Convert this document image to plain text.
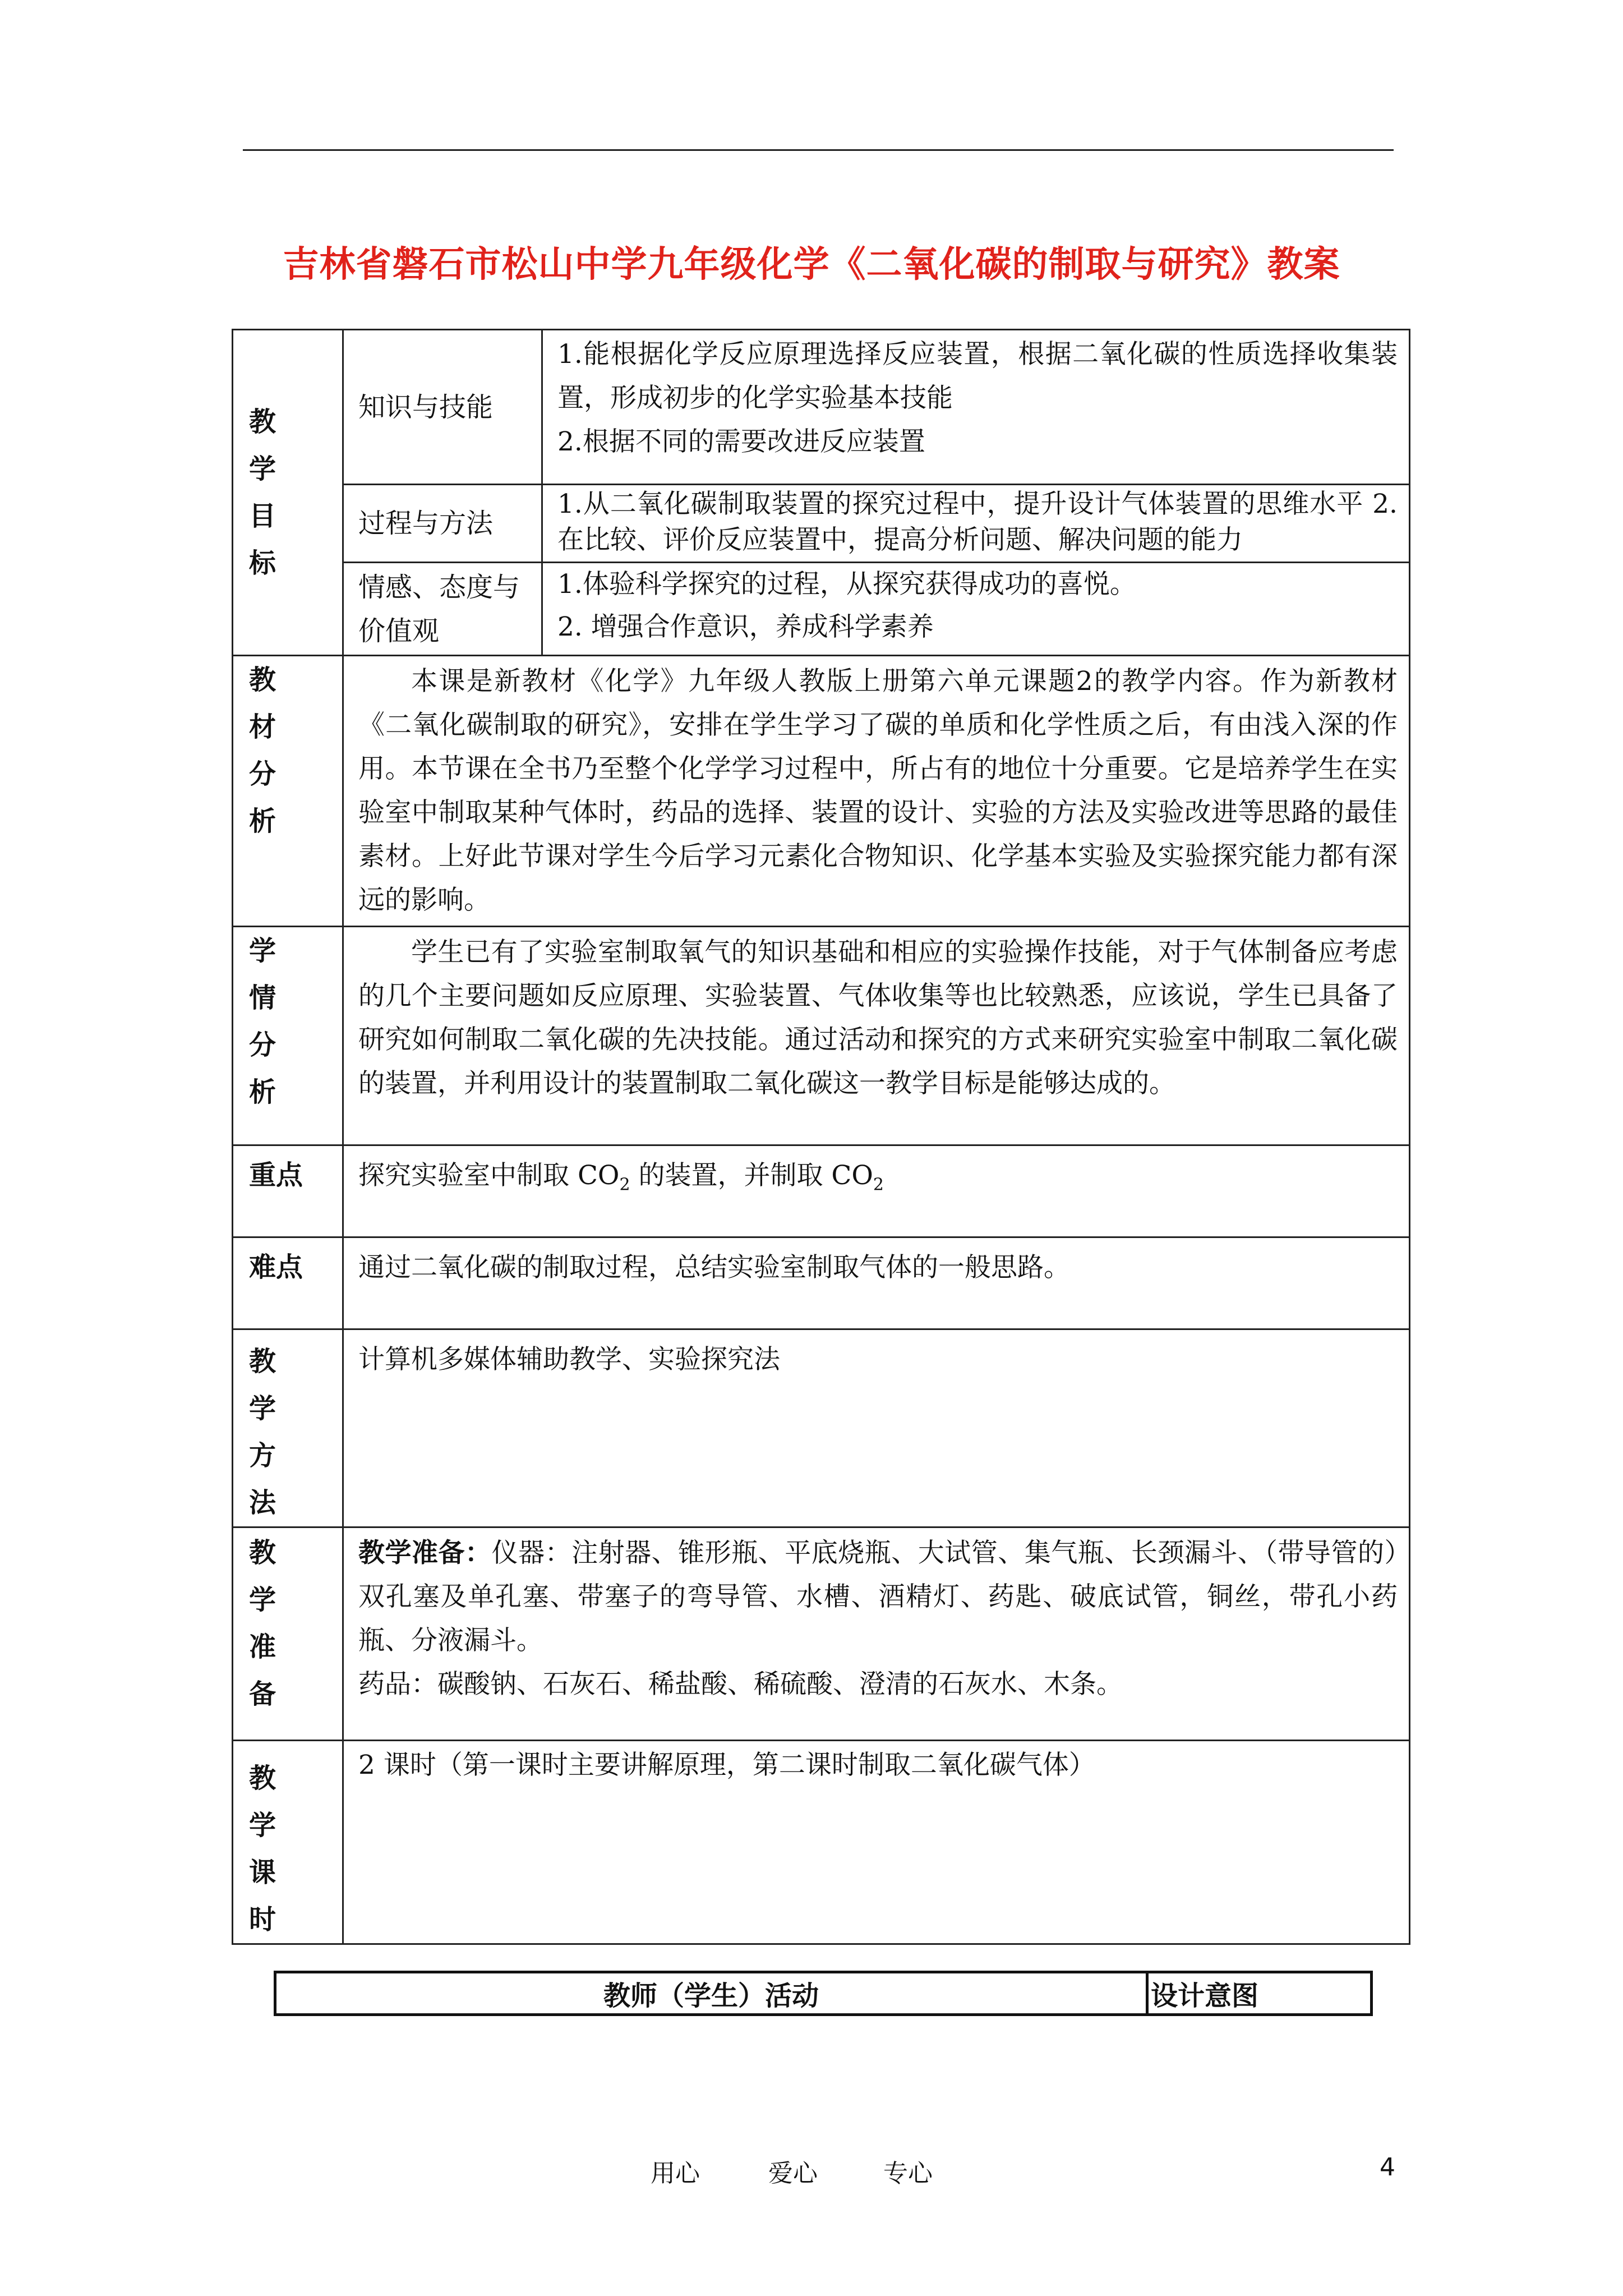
吉林省磐石市松山中学九年级化学《二氧化碳的制取与研究》教案
教学目标	知识与技能	1.能根据化学反应原理选择反应装置，根据二氧化碳的性质选择收集装置，形成初步的化学实验基本技能

2.根据不同的需要改进反应装置

	过程与方法	1.从二氧化碳制取装置的探究过程中，提升设计气体装置的思维水平 2.在比较、评价反应装置中，提高分析问题、解决问题的能力

	情感、态度与价值观	1.体验科学探究的过程，从探究获得成功的喜悦。

2. 增强合作意识，养成科学素养

教材分析	本课是新教材《化学》九年级人教版上册第六单元课题2的教学内容。作为新教材《二氧化碳制取的研究》，安排在学生学习了碳的单质和化学性质之后，有由浅入深的作用。本节课在全书乃至整个化学学习过程中，所占有的地位十分重要。它是培养学生在实验室中制取某种气体时，药品的选择、装置的设计、实验的方法及实验改进等思路的最佳素材。上好此节课对学生今后学习元素化合物知识、化学基本实验及实验探究能力都有深远的影响。	

学情分析	学生已有了实验室制取氧气的知识基础和相应的实验操作技能，对于气体制备应考虑的几个主要问题如反应原理、实验装置、气体收集等也比较熟悉，应该说，学生已具备了研究如何制取二氧化碳的先决技能。通过活动和探究的方式来研究实验室中制取二氧化碳的装置，并利用设计的装置制取二氧化碳这一教学目标是能够达成的。	

重点	探究实验室中制取 $CO_2$ 的装置，并制取 $CO_2$

难点	通过二氧化碳的制取过程，总结实验室制取气体的一般思路。	

教学方法	计算机多媒体辅助教学、实验探究法	

教学准备	教学准备：仪器：注射器、锥形瓶、平底烧瓶、大试管、集气瓶、长颈漏斗、（带导管的）双孔塞及单孔塞、带塞子的弯导管、水槽、酒精灯、药匙、破底试管，铜丝，带孔小药瓶、分液漏斗。

药品：碳酸钠、石灰石、稀盐酸、稀硫酸、澄清的石灰水、木条。	

教学课时	2 课时（第一课时主要讲解原理，第二课时制取二氧化碳气体）	
教师（学生）活动	设计意图
用心	爱心	专心	4
